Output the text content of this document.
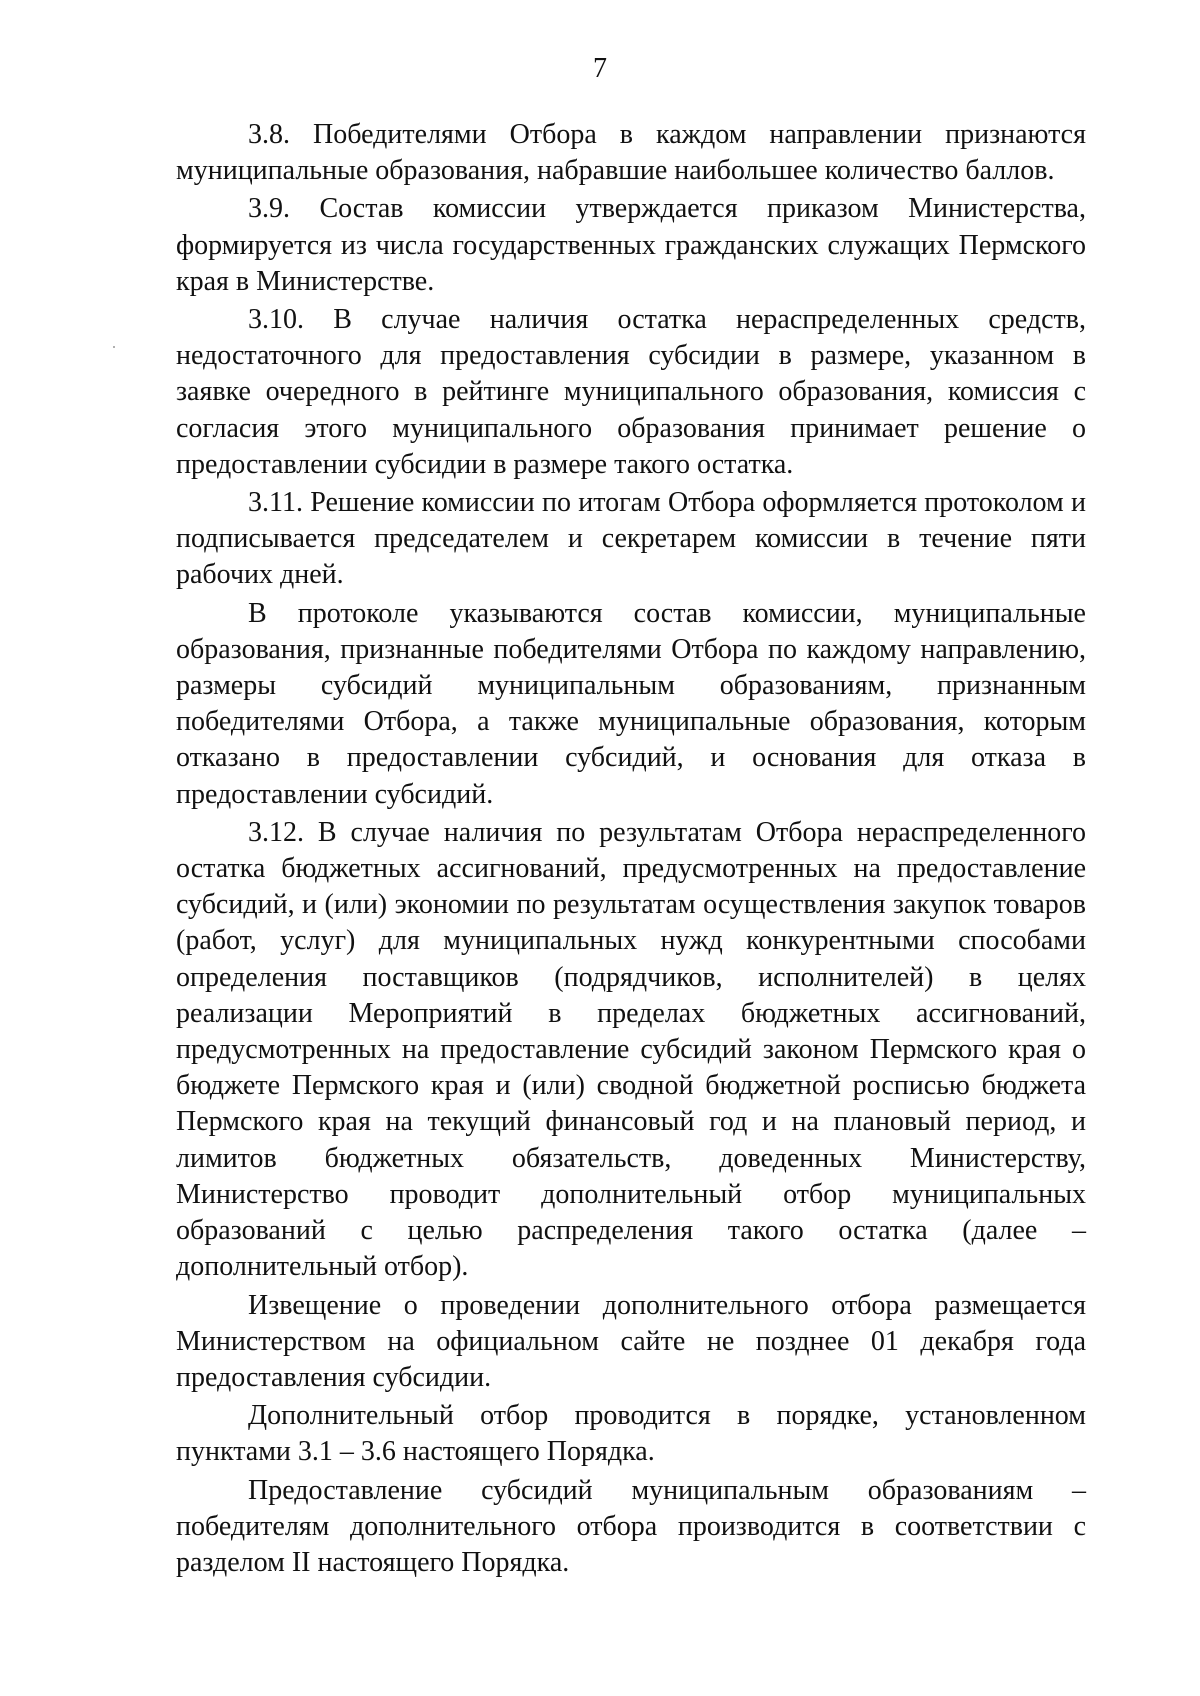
7

3.8. Победителями Отбора в каждом направлении признаются муниципальные образования, набравшие наибольшее количество баллов.

3.9. Состав комиссии утверждается приказом Министерства, формируется из числа государственных гражданских служащих Пермского края в Министерстве.

3.10. В случае наличия остатка нераспределенных средств, недостаточного для предоставления субсидии в размере, указанном в заявке очередного в рейтинге муниципального образования, комиссия с согласия этого муниципального образования принимает решение о предоставлении субсидии в размере такого остатка.

3.11. Решение комиссии по итогам Отбора оформляется протоколом и подписывается председателем и секретарем комиссии в течение пяти рабочих дней.

В протоколе указываются состав комиссии, муниципальные образования, признанные победителями Отбора по каждому направлению, размеры субсидий муниципальным образованиям, признанным победителями Отбора, а также муниципальные образования, которым отказано в предоставлении субсидий, и основания для отказа в предоставлении субсидий.

3.12. В случае наличия по результатам Отбора нераспределенного остатка бюджетных ассигнований, предусмотренных на предоставление субсидий, и (или) экономии по результатам осуществления закупок товаров (работ, услуг) для муниципальных нужд конкурентными способами определения поставщиков (подрядчиков, исполнителей) в целях реализации Мероприятий в пределах бюджетных ассигнований, предусмотренных на предоставление субсидий законом Пермского края о бюджете Пермского края и (или) сводной бюджетной росписью бюджета Пермского края на текущий финансовый год и на плановый период, и лимитов бюджетных обязательств, доведенных Министерству, Министерство проводит дополнительный отбор муниципальных образований с целью распределения такого остатка (далее – дополнительный отбор).

Извещение о проведении дополнительного отбора размещается Министерством на официальном сайте не позднее 01 декабря года предоставления субсидии.

Дополнительный отбор проводится в порядке, установленном пунктами 3.1 – 3.6 настоящего Порядка.

Предоставление субсидий муниципальным образованиям – победителям дополнительного отбора производится в соответствии с разделом II настоящего Порядка.
